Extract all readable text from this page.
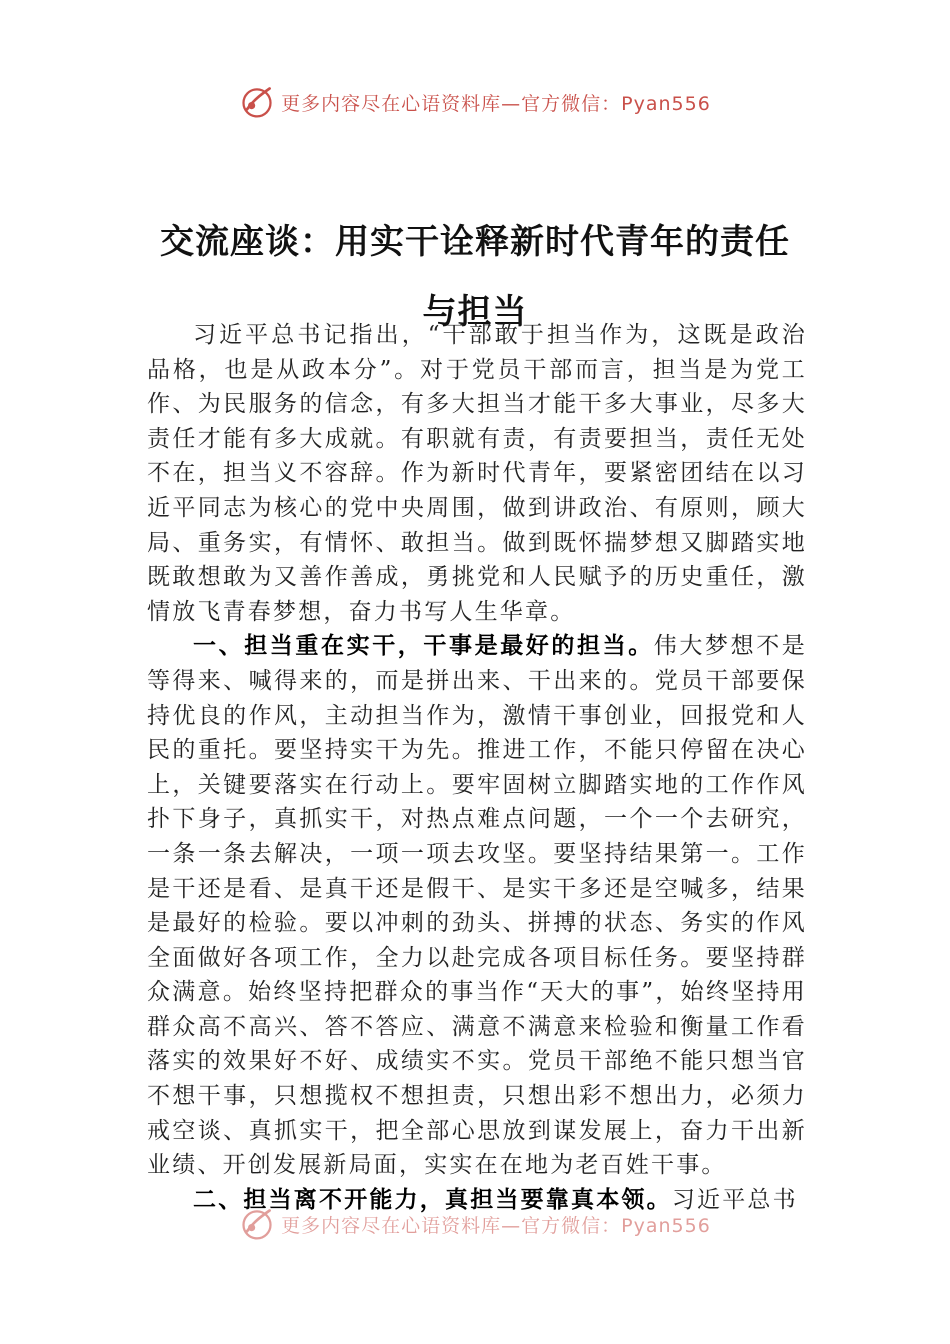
更多内容尽在心语资料库—官方微信：Pyan556
交流座谈：用实干诠释新时代青年的责任与担当

习近平总书记指出，“干部敢于担当作为，这既是政治品格，也是从政本分”。对于党员干部而言，担当是为党工作、为民服务的信念，有多大担当才能干多大事业，尽多大责任才能有多大成就。有职就有责，有责要担当，责任无处不在，担当义不容辞。作为新时代青年，要紧密团结在以习近平同志为核心的党中央周围，做到讲政治、有原则，顾大局、重务实，有情怀、敢担当。做到既怀揣梦想又脚踏实地既敢想敢为又善作善成，勇挑党和人民赋予的历史重任，激情放飞青春梦想，奋力书写人生华章。

一、担当重在实干，干事是最好的担当。伟大梦想不是等得来、喊得来的，而是拼出来、干出来的。党员干部要保持优良的作风，主动担当作为，激情干事创业，回报党和人民的重托。要坚持实干为先。推进工作，不能只停留在决心上，关键要落实在行动上。要牢固树立脚踏实地的工作作风扑下身子，真抓实干，对热点难点问题，一个一个去研究，一条一条去解决，一项一项去攻坚。要坚持结果第一。工作是干还是看、是真干还是假干、是实干多还是空喊多，结果是最好的检验。要以冲刺的劲头、拼搏的状态、务实的作风全面做好各项工作，全力以赴完成各项目标任务。要坚持群众满意。始终坚持把群众的事当作“天大的事”，始终坚持用群众高不高兴、答不答应、满意不满意来检验和衡量工作看落实的效果好不好、成绩实不实。党员干部绝不能只想当官不想干事，只想揽权不想担责，只想出彩不想出力，必须力戒空谈、真抓实干，把全部心思放到谋发展上，奋力干出新业绩、开创发展新局面，实实在在地为老百姓干事。

二、担当离不开能力，真担当要靠真本领。习近平总书

更多内容尽在心语资料库—官方微信：Pyan556
